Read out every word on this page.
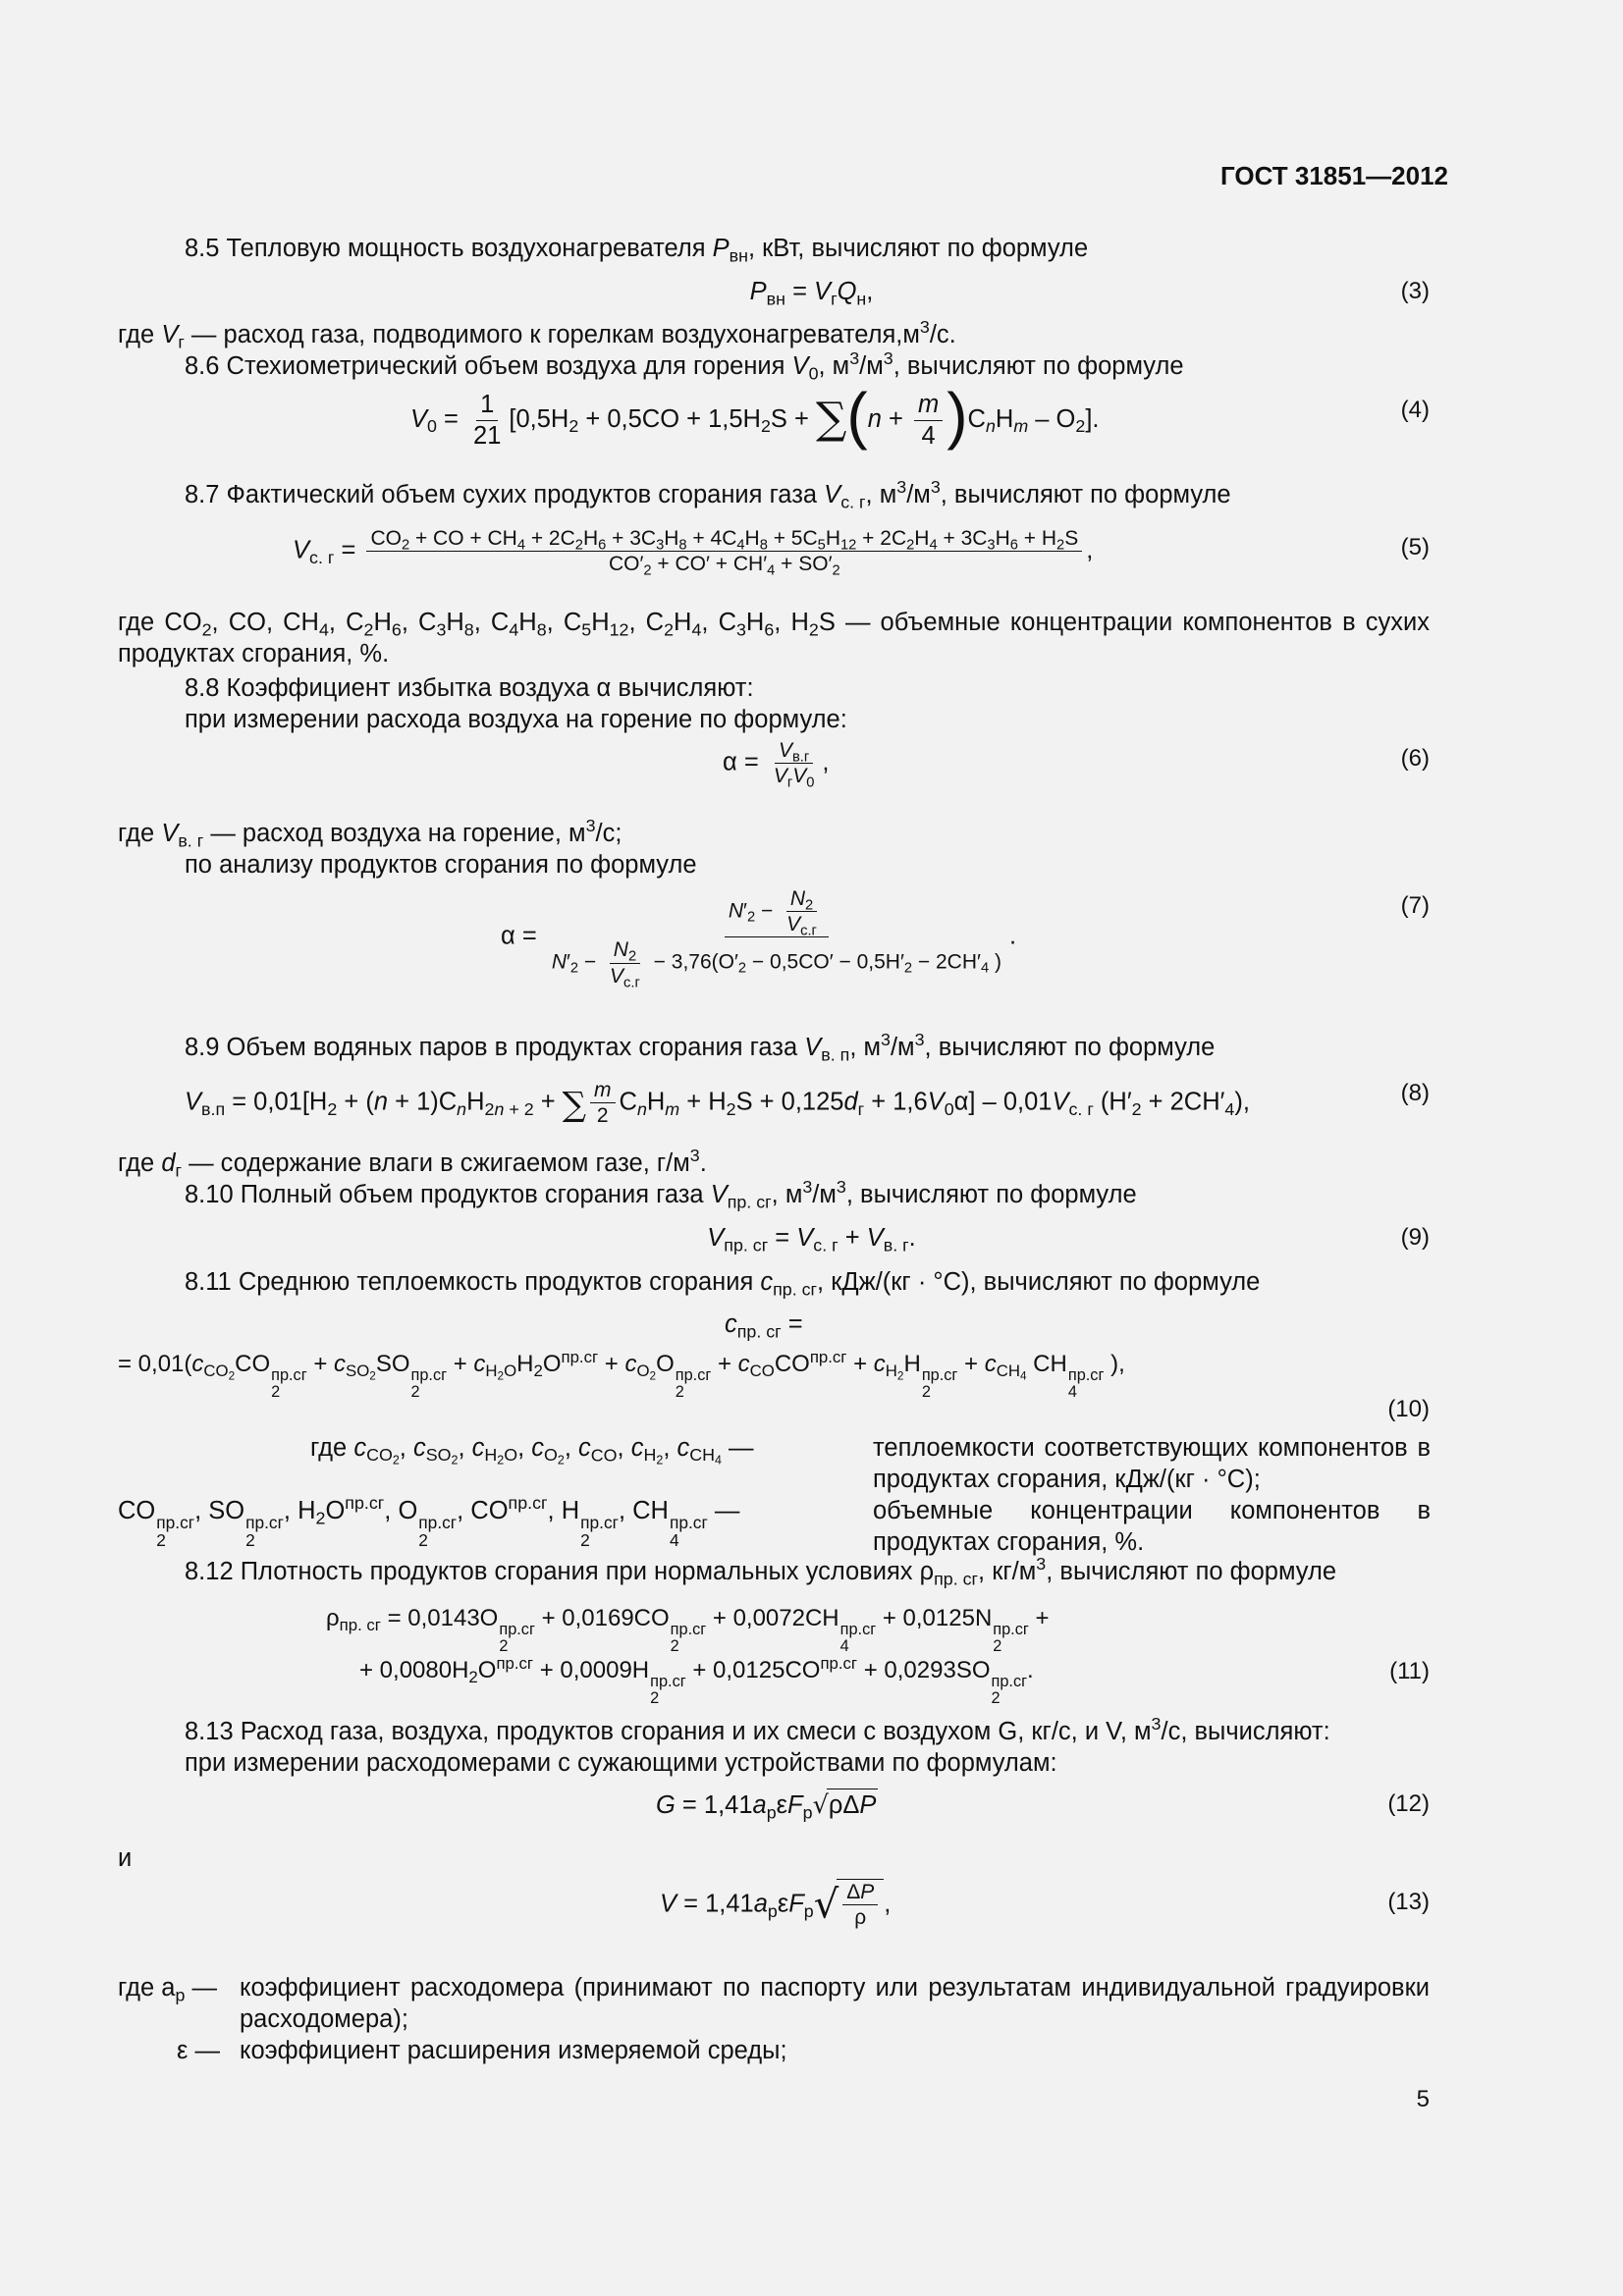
ГОСТ 31851—2012
8.5 Тепловую мощность воздухонагревателя $P_{вн}$, кВт, вычисляют по формуле
$P_{вн} = V_гQ_н$,	(3)
где $V_г$ — расход газа, подводимого к горелкам $воздухонагревателя,м^3/с$.
8.6 Стехиометрический объем воздуха для горения $V_0$, $м^3/м^3$, вычисляют по формуле
$V_0 = \frac{1}{21} [0,5H_2 + 0,5CO + 1,5H_2S + \sum(n + \frac{m}{4} )C_nH_m - O_2]$.	(4)
8.7 Фактический объем сухих продуктов сгорания газа $V_{с. г}$, $м^3/м^3$, вычисляют по формуле
$V_{с. г} = CO_2$ + CO + $CH_4 + 2C_2H_6 + 3C_3H_8 + 4C_4H_8 + 5C_5H_{12} + 2C_2H_4 + 3C_3H_6 + H_2S$
$CO'_2 + CO' + CH'_4 + SO'_2$
,	(5)
где $CO_2$, CO, $CH_4$, $C_2H_6$, $C_3H_8$, $C_4H_8$, $C_5H_{12}$, $C_2H_4$, $C_3H_6$, $H_2S$ — объемные концентрации компонентов в сухих продуктах сгорания, %.
8.8 Коэффициент избытка воздуха α вычисляют:
при измерении расхода воздуха на горение по формуле:
$\alpha = \frac{V_{в.г}}{V_гV_0}$ ,	(6)
где $V_{в. г}$ — расход воздуха на горение, $м^3/с$;
по анализу продуктов сгорания по формуле
$\alpha = \frac{N'_2 - \frac{N_2}{V_{с.г}}}{N'_2 - \frac{N_2}{V_{с.г}} - 3,76(O'_2 - 0,5CO' - 0,5H'_2 - 2CH'_4 )}$ .
(7)
8.9 Объем водяных паров в продуктах сгорания газа $V_{в. п}$, $м^3/м^3$, вычисляют по формуле
$V_{в.п} = 0,01[H_2 + (n + 1)C_nH_{2n + 2}$ + ∑ $\frac{m}{2} C_nH_m + H_2S + 0,125d_г + 1,6V_0\alpha] - 0,01V_{с. г}$ $(H'_2 + 2CH'_4)$,	(8)
где $d_г$ — содержание влаги в сжигаемом газе, $г/м^3$.
8.10 Полный объем продуктов сгорания газа $V_{пр. сг}$, $м^3/м^3$, вычисляют по формуле
$V_{пр. сг} = V_{с. г} + V_{в. г}$.	(9)
8.11 Среднюю теплоемкость продуктов сгорания $c_{пр. сг}$, кДж/(кг · °С), вычисляют по формуле
$c_{пр. сг}$ =
= $0,01(c_{CO_2}CO$ пр.сг
2
+ $c_{SO_2}SO$ пр.сг
2
+ $c_{H_2O}H_2O^{пр.сг} + c_{O_2}O$ пр.сг
2
+ $c_{CO}CO^{пр.сг} + c_{H_2}H$ пр.сг
2
+ $c_{CH_4}$ CH пр.сг
4
),
(10)
где $c_{CO_2}$, $c_{SO_2}$, $c_{H_2O}$, $c_{O_2}$, $c_{CO}$, $c_{H_2}$, $c_{CH_4}$ —	теплоемкости соответствующих компонентов в продуктах сгорания, кДж/(кг · °С);
CO пр.сг
2
, SO пр.сг
2
, $H_2O^{пр.сг}$, O пр.сг
2
, $CO^{пр.сг}$, H пр.сг
2
, CH пр.сг
4
—	объемные концентрации компонентов в продуктах сгорания, %.
8.12 Плотность продуктов сгорания при нормальных условиях $\rho_{пр. сг}$, $кг/м^3$, вычисляют по формуле
$\rho_{пр. сг} = 0,0143O$ пр.сг
2
+ 0,0169CO пр.сг
2
+ 0,0072CH пр.сг
4
+ 0,0125N пр.сг
2
+
+ $0,0080H_2O^{пр.сг} + 0,0009H$ пр.сг
2
+ $0,0125CO^{пр.сг} + 0,0293SO$ пр.сг
2
.	(11)
8.13 Расход газа, воздуха, продуктов сгорания и их смеси с воздухом G, кг/с, и V, $м^3/с$, вычисляют:
при измерении расходомерами с сужающими устройствами по формулам:
$G = 1,41a_р\varepsilon F_р√\rho\Delta P$	(12)
и
$V = 1,41a_р\varepsilon F_р√ \frac{\Delta P}{\rho}$ ,	(13)
где $a_р$ — коэффициент расходомера (принимают по паспорту или результатам индивидуальной градуировки расходомера);
ε — коэффициент расширения измеряемой среды;
5
